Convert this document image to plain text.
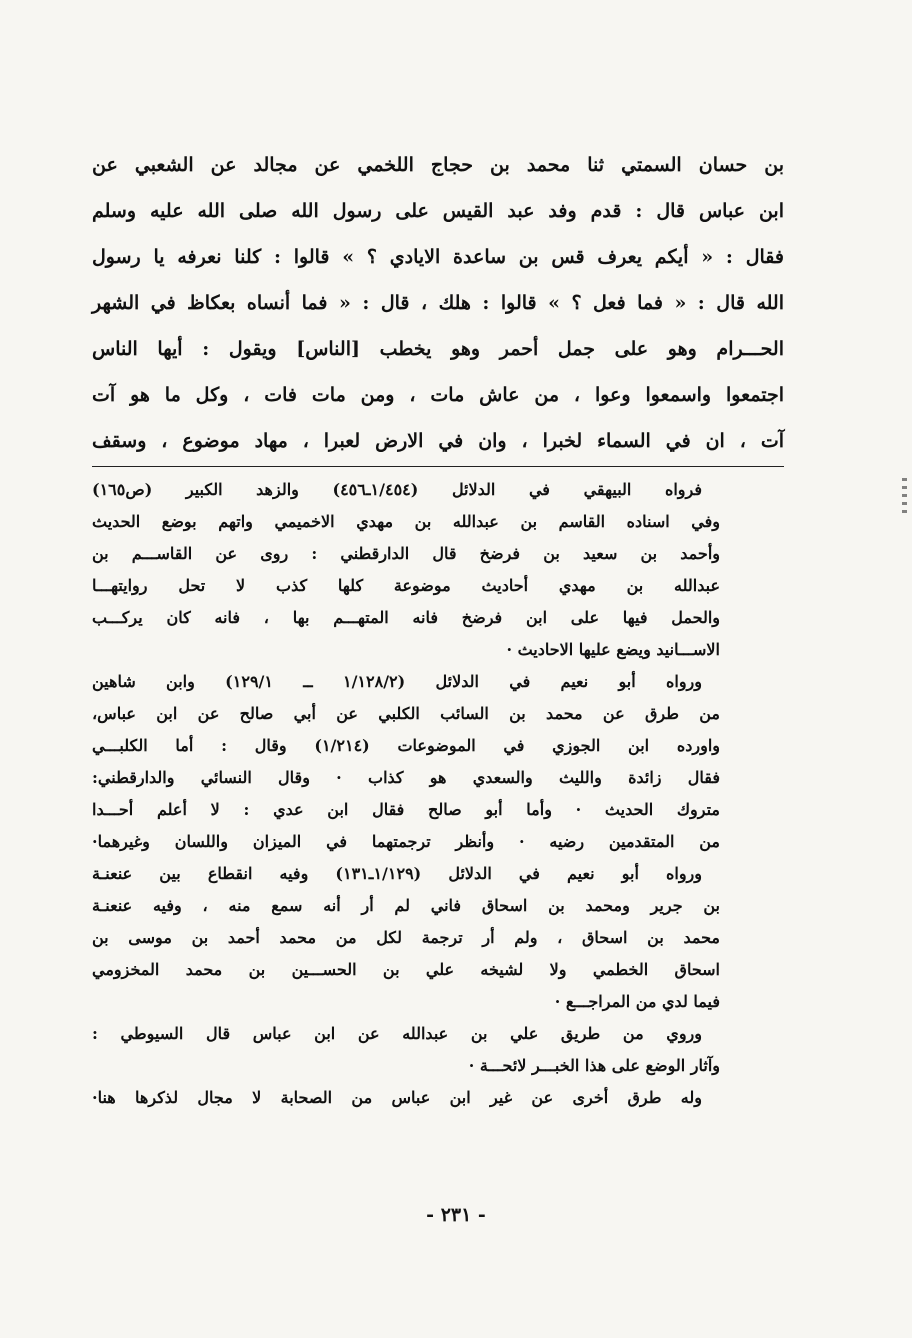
بن حسان السمتي ثنا محمد بن حجاج اللخمي عن مجالد عن الشعبي عن
ابن عباس قال : قدم وفد عبد القيس على رسول الله صلى الله عليه وسلم
فقال : « أيكم يعرف قس بن ساعدة الايادي ؟ » قالوا : كلنا نعرفه يا رسول
الله قال : « فما فعل ؟ » قالوا : هلك ، قال : « فما أنساه بعكاظ في الشهر
الحـــرام وهو على جمل أحمر وهو يخطب [الناس] ويقول : أيها الناس
اجتمعوا واسمعوا وعوا ، من عاش مات ، ومن مات فات ، وكل ما هو آت
آت ، ان في السماء لخبرا ، وان في الارض لعبرا ، مهاد موضوع ، وسقف
فرواه البيهقي في الدلائل (١/٤٥٤ـ٤٥٦) والزهد الكبير (ص١٦٥)
وفي اسناده القاسم بن عبدالله بن مهدي الاخميمي واتهم بوضع الحديث
وأحمد بن سعيد بن فرضخ قال الدارقطني : روى عن القاســـم بن
عبدالله بن مهدي أحاديث موضوعة كلها كذب لا تحل روايتهـــا
والحمل فيها على ابن فرضخ فانه المتهـــم بها ، فانه كان يركـــب
الاســـانيد ويضع عليها الاحاديث ·
ورواه أبو نعيم في الدلائل (١/١٢٨/٢ ــ ١٢٩/١) وابن شاهين
من طرق عن محمد بن السائب الكلبي عن أبي صالح عن ابن عباس،
واورده ابن الجوزي في الموضوعات (١/٢١٤) وقال : أما الكلبـــي
فقال زائدة والليث والسعدي هو كذاب · وقال النسائي والدارقطني:
متروك الحديث · وأما أبو صالح فقال ابن عدي : لا أعلم أحـــدا
من المتقدمين رضيه · وأنظر ترجمتهما في الميزان واللسان وغيرهما·
ورواه أبو نعيم في الدلائل (١/١٢٩ـ١٣١) وفيه انقطاع بين عنعنـة
بن جرير ومحمد بن اسحاق فاني لم أر أنه سمع منه ، وفيه عنعنـة
محمد بن اسحاق ، ولم أر ترجمة لكل من محمد أحمد بن موسى بن
اسحاق الخطمي ولا لشيخه علي بن الحســـين بن محمد المخزومي
فيما لدي من المراجـــع ·
وروي من طريق علي بن عبدالله عن ابن عباس قال السيوطي :
وآثار الوضع على هذا الخبـــر لائحـــة ·
وله طرق أخرى عن غير ابن عباس من الصحابة لا مجال لذكرها هنا·
- ٢٣١ -
